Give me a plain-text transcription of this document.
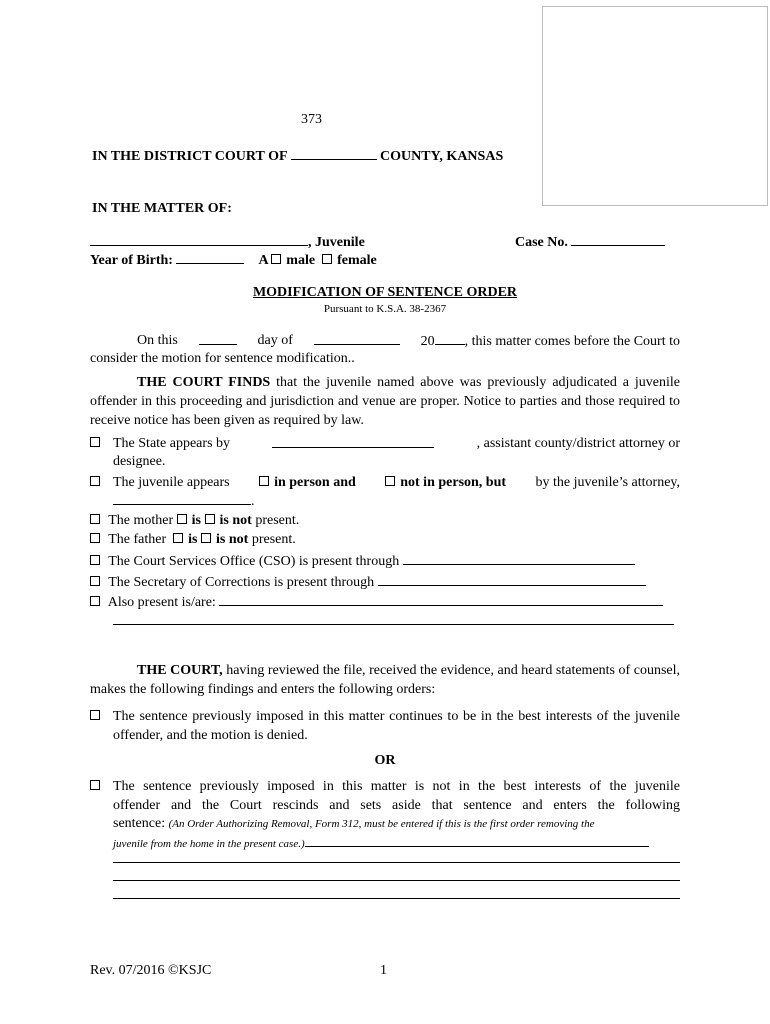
373
IN THE DISTRICT COURT OF	COUNTY, KANSAS
IN THE MATTER OF:
, Juvenile	Case No.
Year of Birth:	A male female
MODIFICATION OF SENTENCE ORDER
Pursuant to K.S.A. 38-2367
On this	day of	20 , this matter comes before the Court to
consider the motion for sentence modification..
THE COURT FINDS that the juvenile named above was previously adjudicated a juvenile offender in this proceeding and jurisdiction and venue are proper. Notice to parties and those required to receive notice has been given as required by law.
The State appears by	, assistant county/district attorney or
designee.
The juvenile appears	in person and	not in person, but by the juvenile’s attorney,
.
The mother is is not present.
The father is is not present.
The Court Services Office (CSO) is present through
The Secretary of Corrections is present through
Also present is/are:
THE COURT, having reviewed the file, received the evidence, and heard statements of counsel, makes the following findings and enters the following orders:
The sentence previously imposed in this matter continues to be in the best interests of the juvenile offender, and the motion is denied.
OR
The sentence previously imposed in this matter is not in the best interests of the juvenile
offender and the Court rescinds and sets aside that sentence and enters the following
sentence: (An Order Authorizing Removal, Form 312, must be entered if this is the first order removing the
juvenile from the home in the present case.)
Rev. 07/2016 ©KSJC	1
